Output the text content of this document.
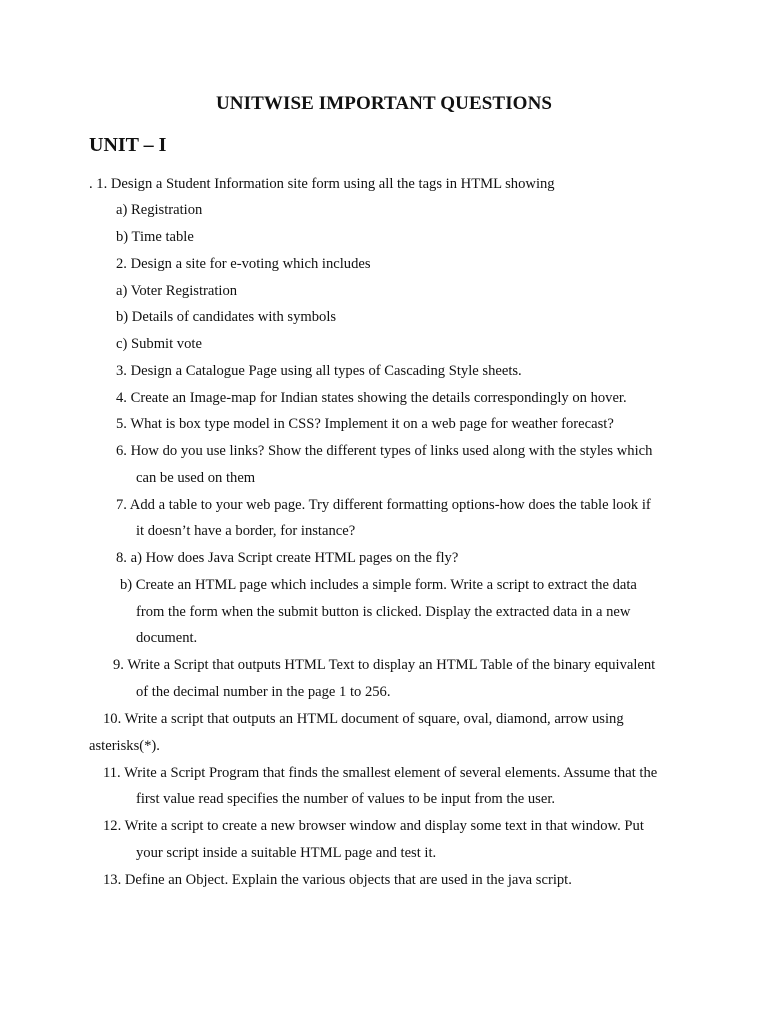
UNITWISE IMPORTANT QUESTIONS
UNIT – I
. 1. Design a Student Information site form using all the tags in HTML showing
a) Registration
b) Time table
2. Design a site for e-voting which includes
a) Voter Registration
b) Details of candidates with symbols
c) Submit vote
3. Design a Catalogue Page using all types of Cascading Style sheets.
4. Create an Image-map for Indian states showing the details correspondingly on hover.
5. What is box type model in CSS? Implement it on a web page for weather forecast?
6. How do you use links? Show the different types of links used along with the styles which
can be used on them
7. Add a table to your web page. Try different formatting options-how does the table look if
it doesn’t have a border, for instance?
8. a) How does Java Script create HTML pages on the fly?
b) Create an HTML page which includes a simple form. Write a script to extract the data
from the form when the submit button is clicked. Display the extracted data in a new
document.
9. Write a Script that outputs HTML Text to display an HTML Table of the binary equivalent
of the decimal number in the page 1 to 256.
10. Write a script that outputs an HTML document of square, oval, diamond, arrow using
asterisks(*).
11. Write a Script Program that finds the smallest element of several elements. Assume that the
first value read specifies the number of values to be input from the user.
12. Write a script to create a new browser window and display some text in that window. Put
your script inside a suitable HTML page and test it.
13. Define an Object. Explain the various objects that are used in the java script.
